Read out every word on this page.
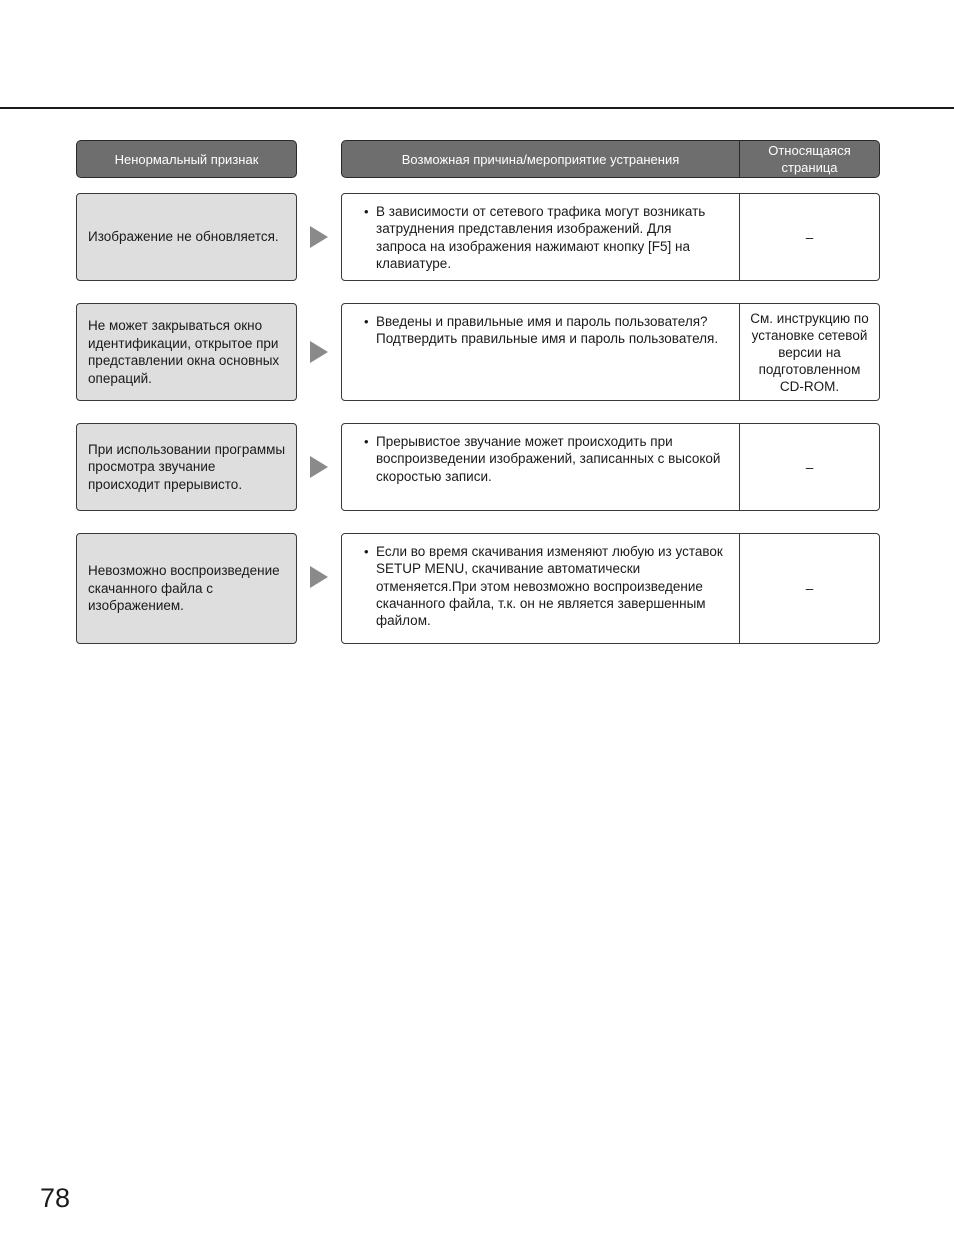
Ненормальный признак	Возможная причина/мероприятие устранения
Относящаяся страница
Изображение не обновляется.
• В зависимости от сетевого трафика могут возникать затруднения представления изображений. Для запроса на изображения нажимают кнопку [F5] на клавиатуре.
–
Не может закрываться окно идентификации, открытое при представлении окна основных операций.
• Введены и правильные имя и пароль пользователя? Подтвердить правильные имя и пароль пользователя.
См. инструкцию по установке сетевой версии на подготовленном CD-ROM.
При использовании программы просмотра звучание происходит прерывисто.
• Прерывистое звучание может происходить при воспроизведении изображений, записанных с высокой скоростью записи.
–
Невозможно воспроизведение скачанного файла с изображением.
• Если во время скачивания изменяют любую из уставок SETUP MENU, скачивание автоматически отменяется.При этом невозможно воспроизведение скачанного файла, т.к. он не является завершенным файлом.
–
78
